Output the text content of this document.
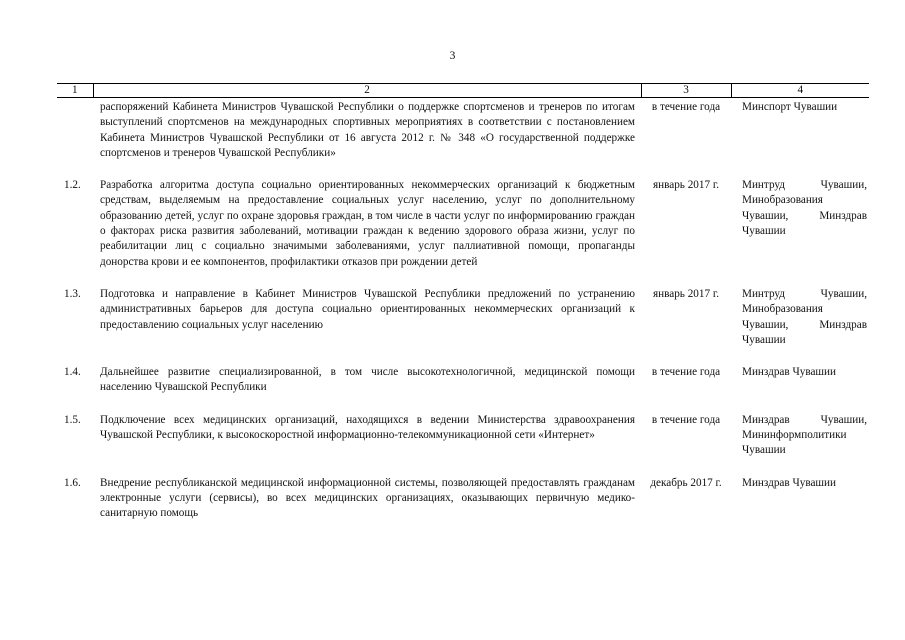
3
1	2	3	4
	распоряжений Кабинета Министров Чувашской Республики о поддержке спортсменов и тренеров по итогам выступлений спортсменов на международных спортивных мероприятиях в соответствии с постановлением Кабинета Министров Чувашской Республики от 16 августа 2012 г. № 348 «О государственной поддержке спортсменов и тренеров Чувашской Республики»	в течение года	Минспорт Чувашии
1.2.	Разработка алгоритма доступа социально ориентированных некоммерческих организаций к бюджетным средствам, выделяемым на предоставление социальных услуг населению, услуг по дополнительному образованию детей, услуг по охране здоровья граждан, в том числе в части услуг по информированию граждан о факторах риска развития заболеваний, мотивации граждан к ведению здорового образа жизни, услуг по реабилитации лиц с социально значимыми заболеваниями, услуг паллиативной помощи, пропаганды донорства крови и ее компонентов, профилактики отказов при рождении детей	январь 2017 г.	Минтруд Чувашии, Минобразования Чувашии, Минздрав Чувашии
1.3.	Подготовка и направление в Кабинет Министров Чувашской Республики предложений по устранению административных барьеров для доступа социально ориентированных некоммерческих организаций к предоставлению социальных услуг населению	январь 2017 г.	Минтруд Чувашии, Минобразования Чувашии, Минздрав Чувашии
1.4.	Дальнейшее развитие специализированной, в том числе высокотехнологичной, медицинской помощи населению Чувашской Республики	в течение года	Минздрав Чувашии
1.5.	Подключение всех медицинских организаций, находящихся в ведении Министерства здравоохранения Чувашской Республики, к высокоскоростной информационно-телекоммуникационной сети «Интернет»	в течение года	Минздрав Чувашии, Мининформполитики Чувашии
1.6.	Внедрение республиканской медицинской информационной системы, позволяющей предоставлять гражданам электронные услуги (сервисы), во всех медицинских организациях, оказывающих первичную медико-санитарную помощь	декабрь 2017 г.	Минздрав Чувашии
